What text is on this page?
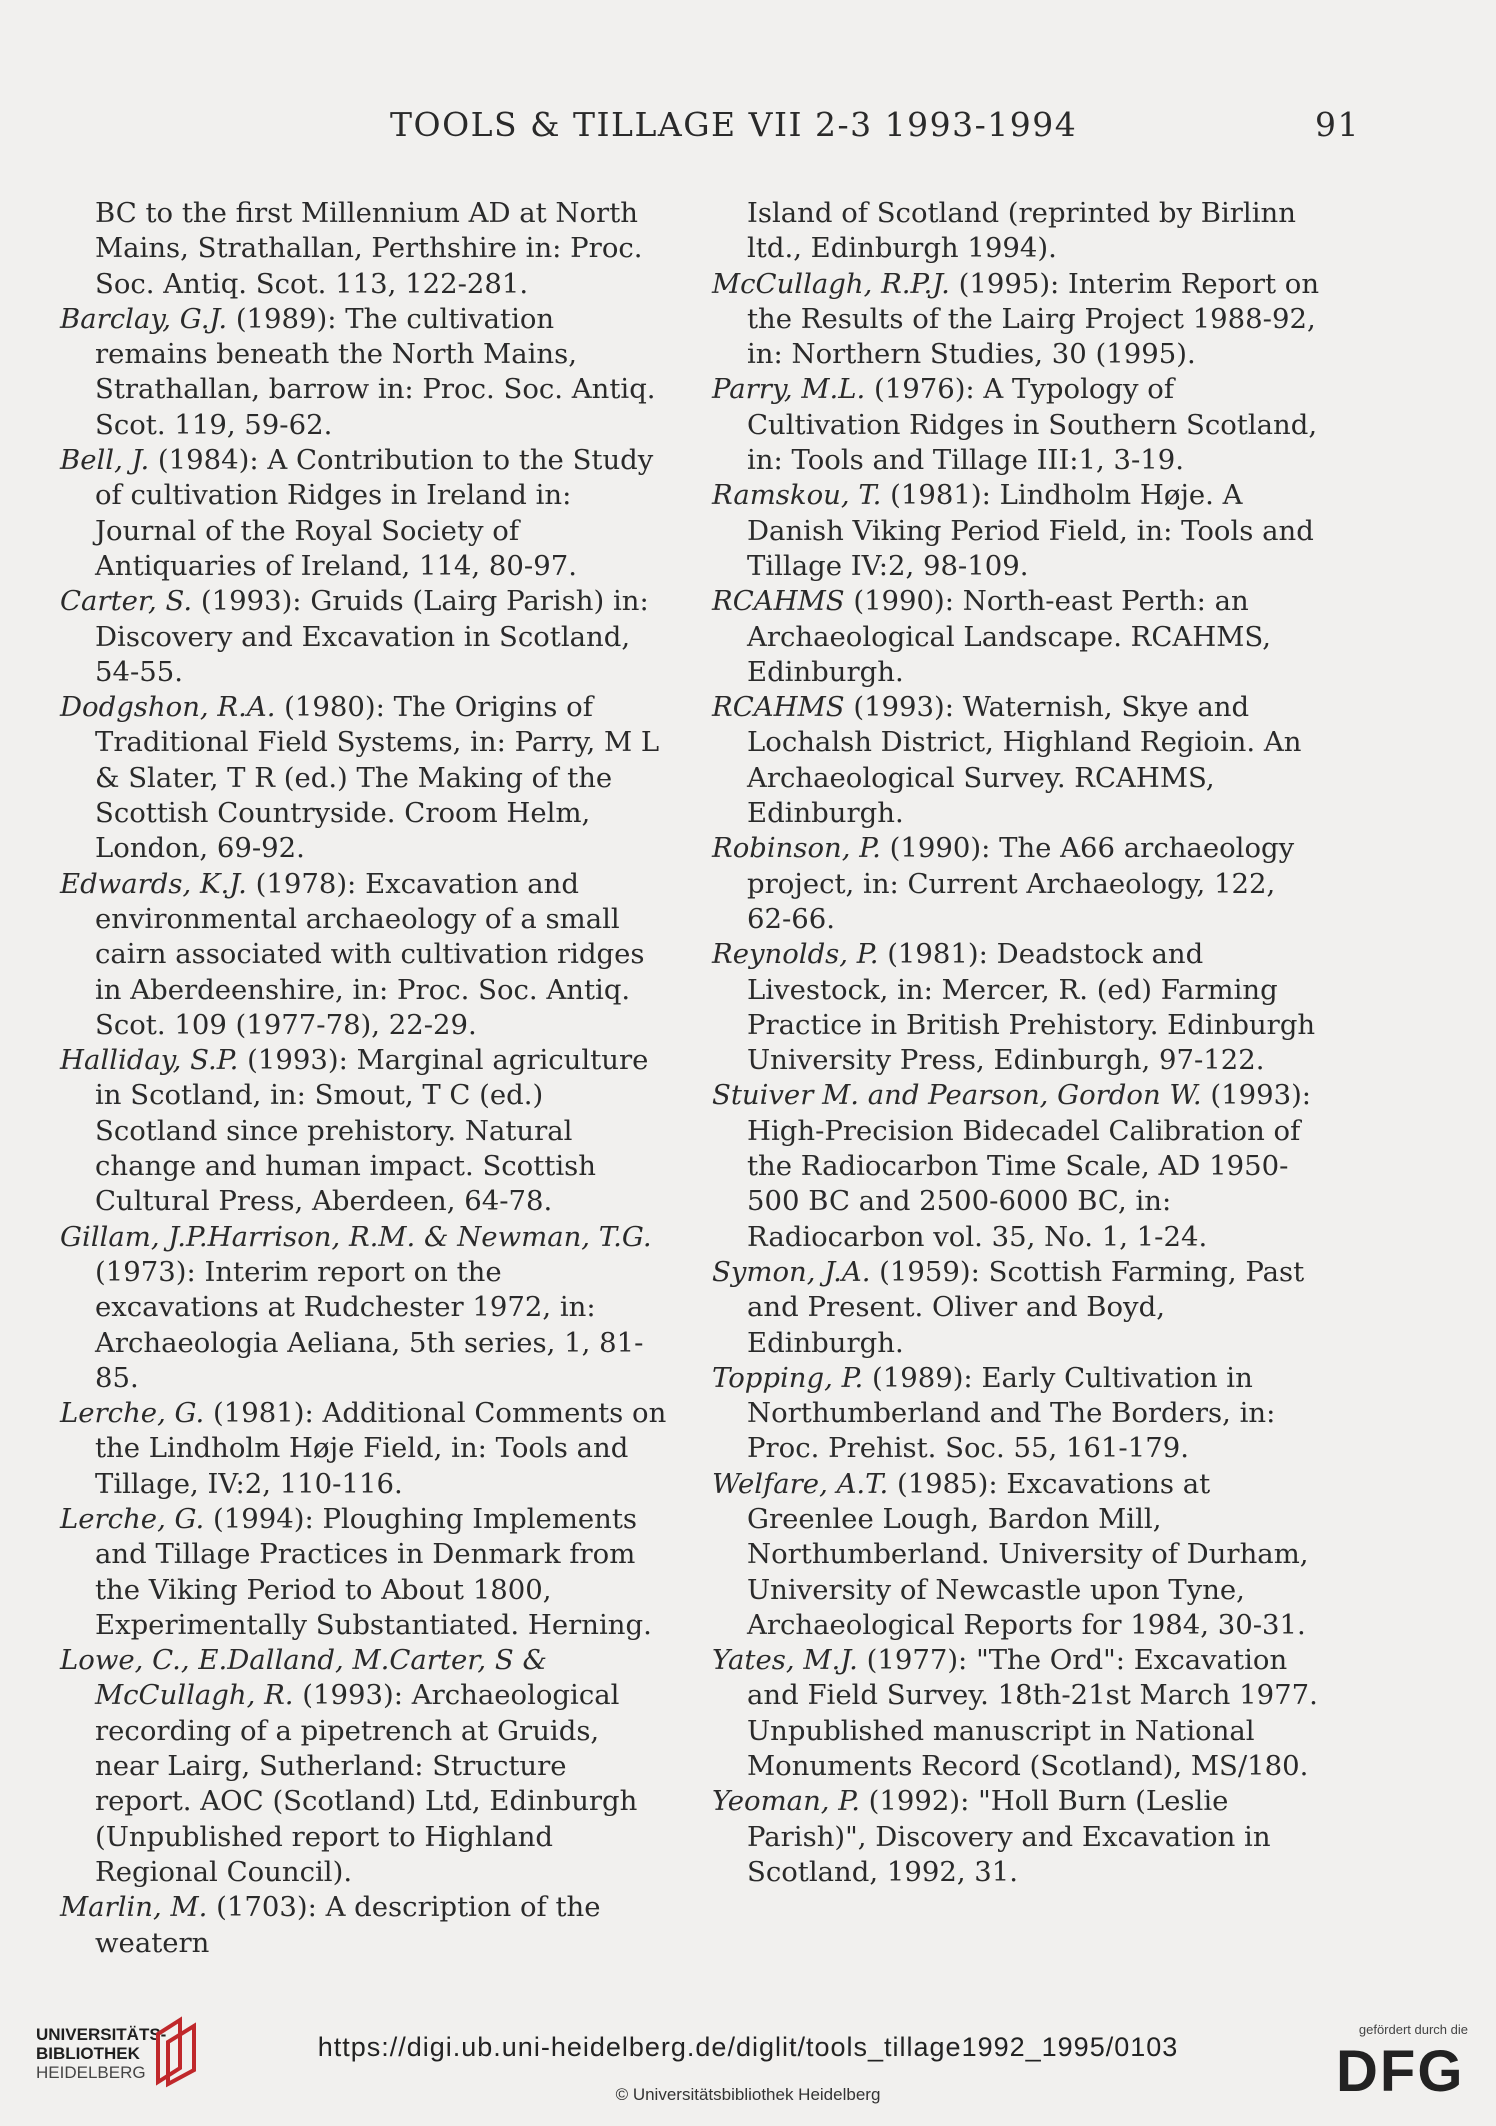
TOOLS & TILLAGE VII 2-3 1993-1994	91

BC to the first Millennium AD at North Mains, Strathallan, Perthshire in: Proc. Soc. Antiq. Scot. 113, 122-281.

Barclay, G.J. (1989): The cultivation remains beneath the North Mains, Strathallan, barrow in: Proc. Soc. Antiq. Scot. 119, 59-62.

Bell, J. (1984): A Contribution to the Study of cultivation Ridges in Ireland in: Journal of the Royal Society of Antiquaries of Ireland, 114, 80-97.

Carter, S. (1993): Gruids (Lairg Parish) in: Discovery and Excavation in Scotland, 54-55.

Dodgshon, R.A. (1980): The Origins of Traditional Field Systems, in: Parry, M L & Slater, T R (ed.) The Making of the Scottish Countryside. Croom Helm, London, 69-92.

Edwards, K.J. (1978): Excavation and environmental archaeology of a small cairn associated with cultivation ridges in Aberdeenshire, in: Proc. Soc. Antiq. Scot. 109 (1977-78), 22-29.

Halliday, S.P. (1993): Marginal agriculture in Scotland, in: Smout, T C (ed.) Scotland since prehistory. Natural change and human impact. Scottish Cultural Press, Aberdeen, 64-78.

Gillam, J.P.Harrison, R.M. & Newman, T.G. (1973): Interim report on the excavations at Rudchester 1972, in: Archaeologia Aeliana, 5th series, 1, 81-85.

Lerche, G. (1981): Additional Comments on the Lindholm Høje Field, in: Tools and Tillage, IV:2, 110-116.

Lerche, G. (1994): Ploughing Implements and Tillage Practices in Denmark from the Viking Period to About 1800, Experimentally Substantiated. Herning.

Lowe, C., E.Dalland, M.Carter, S & McCullagh, R. (1993): Archaeological recording of a pipetrench at Gruids, near Lairg, Sutherland: Structure report. AOC (Scotland) Ltd, Edinburgh (Unpublished report to Highland Regional Council).

Marlin, M. (1703): A description of the weatern

Island of Scotland (reprinted by Birlinn ltd., Edinburgh 1994).

McCullagh, R.P.J. (1995): Interim Report on the Results of the Lairg Project 1988-92, in: Northern Studies, 30 (1995).

Parry, M.L. (1976): A Typology of Cultivation Ridges in Southern Scotland, in: Tools and Tillage III:1, 3-19.

Ramskou, T. (1981): Lindholm Høje. A Danish Viking Period Field, in: Tools and Tillage IV:2, 98-109.

RCAHMS (1990): North-east Perth: an Archaeological Landscape. RCAHMS, Edinburgh.

RCAHMS (1993): Waternish, Skye and Lochalsh District, Highland Regioin. An Archaeological Survey. RCAHMS, Edinburgh.

Robinson, P. (1990): The A66 archaeology project, in: Current Archaeology, 122, 62-66.

Reynolds, P. (1981): Deadstock and Livestock, in: Mercer, R. (ed) Farming Practice in British Prehistory. Edinburgh University Press, Edinburgh, 97-122.

Stuiver M. and Pearson, Gordon W. (1993): High-Precision Bidecadel Calibration of the Radiocarbon Time Scale, AD 1950-500 BC and 2500-6000 BC, in: Radiocarbon vol. 35, No. 1, 1-24.

Symon, J.A. (1959): Scottish Farming, Past and Present. Oliver and Boyd, Edinburgh.

Topping, P. (1989): Early Cultivation in Northumberland and The Borders, in: Proc. Prehist. Soc. 55, 161-179.

Welfare, A.T. (1985): Excavations at Greenlee Lough, Bardon Mill, Northumberland. University of Durham, University of Newcastle upon Tyne, Archaeological Reports for 1984, 30-31.

Yates, M.J. (1977): "The Ord": Excavation and Field Survey. 18th-21st March 1977. Unpublished manuscript in National Monuments Record (Scotland), MS/180.

Yeoman, P. (1992): "Holl Burn (Leslie Parish)", Discovery and Excavation in Scotland, 1992, 31.

UNIVERSITÄTS-
BIBLIOTHEK
HEIDELBERG
https://digi.ub.uni-heidelberg.de/diglit/tools_tillage1992_1995/0103
© Universitätsbibliothek Heidelberg
gefördert durch die
DFG
